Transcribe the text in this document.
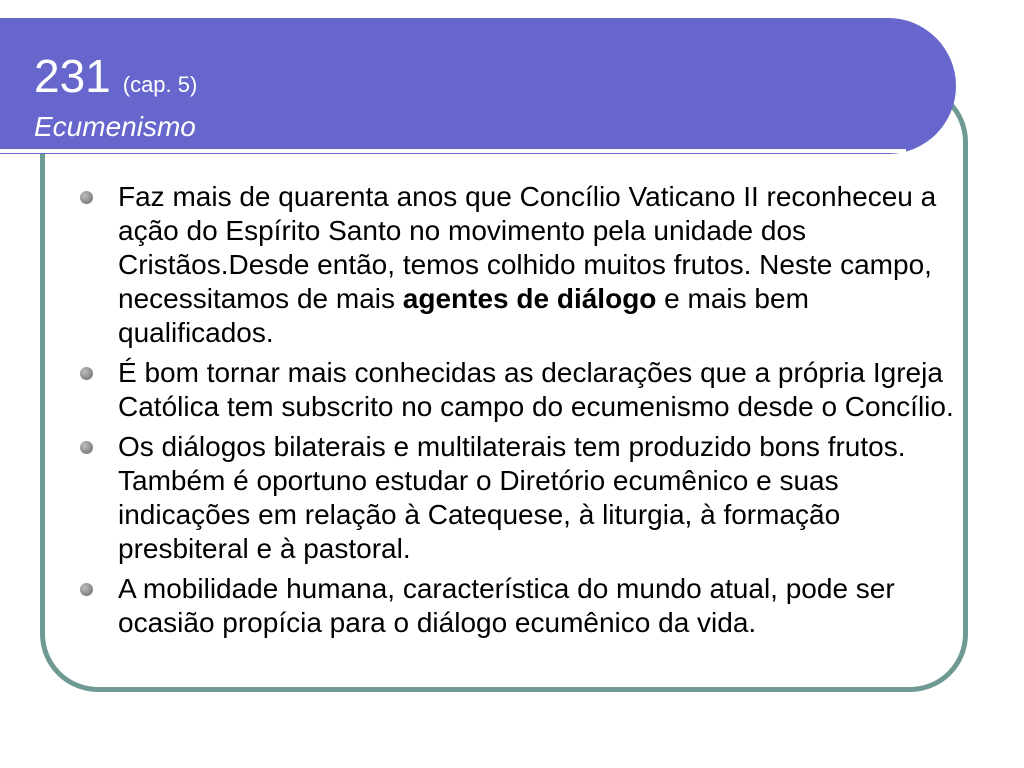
231 (cap. 5)
Ecumenismo
Faz mais de quarenta anos que Concílio Vaticano II reconheceu a ação do Espírito Santo no movimento pela unidade dos Cristãos.Desde então, temos colhido muitos frutos. Neste campo, necessitamos de mais agentes de diálogo e mais bem qualificados.
É bom tornar mais conhecidas as declarações que a própria Igreja Católica tem subscrito no campo do ecumenismo desde o Concílio.
Os diálogos bilaterais e multilaterais tem produzido bons frutos. Também é oportuno estudar o Diretório ecumênico e suas indicações em relação à Catequese, à liturgia, à formação presbiteral e à pastoral.
A mobilidade humana, característica do mundo atual, pode ser ocasião propícia para o diálogo ecumênico da vida.
